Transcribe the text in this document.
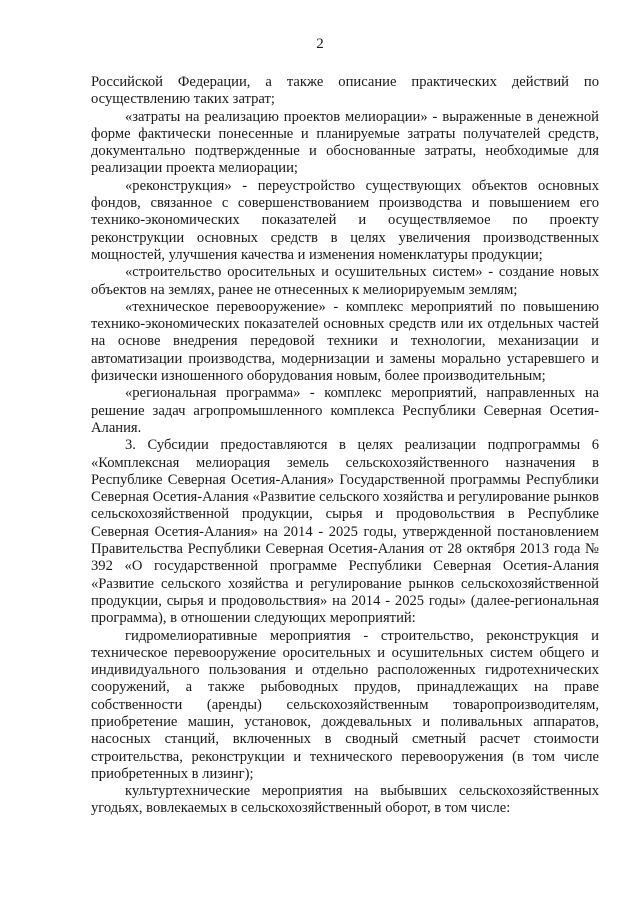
2

Российской Федерации, а также описание практических действий по осуществлению таких затрат;

«затраты на реализацию проектов мелиорации» - выраженные в денежной форме фактически понесенные и планируемые затраты получателей средств, документально подтвержденные и обоснованные затраты, необходимые для реализации проекта мелиорации;

«реконструкция» - переустройство существующих объектов основных фондов, связанное с совершенствованием производства и повышением его технико-экономических показателей и осуществляемое по проекту реконструкции основных средств в целях увеличения производственных мощностей, улучшения качества и изменения номенклатуры продукции;

«строительство оросительных и осушительных систем» - создание новых объектов на землях, ранее не отнесенных к мелиорируемым землям;

«техническое перевооружение» - комплекс мероприятий по повышению технико-экономических показателей основных средств или их отдельных частей на основе внедрения передовой техники и технологии, механизации и автоматизации производства, модернизации и замены морально устаревшего и физически изношенного оборудования новым, более производительным;

«региональная программа» - комплекс мероприятий, направленных на решение задач агропромышленного комплекса Республики Северная Осетия-Алания.

3. Субсидии предоставляются в целях реализации подпрограммы 6 «Комплексная мелиорация земель сельскохозяйственного назначения в Республике Северная Осетия-Алания» Государственной программы Республики Северная Осетия-Алания «Развитие сельского хозяйства и регулирование рынков сельскохозяйственной продукции, сырья и продовольствия в Республике Северная Осетия-Алания» на 2014 - 2025 годы, утвержденной постановлением Правительства Республики Северная Осетия-Алания от 28 октября 2013 года № 392 «О государственной программе Республики Северная Осетия-Алания «Развитие сельского хозяйства и регулирование рынков сельскохозяйственной продукции, сырья и продовольствия» на 2014 - 2025 годы» (далее-региональная программа), в отношении следующих мероприятий:

гидромелиоративные мероприятия - строительство, реконструкция и техническое перевооружение оросительных и осушительных систем общего и индивидуального пользования и отдельно расположенных гидротехнических сооружений, а также рыбоводных прудов, принадлежащих на праве собственности (аренды) сельскохозяйственным товаропроизводителям, приобретение машин, установок, дождевальных и поливальных аппаратов, насосных станций, включенных в сводный сметный расчет стоимости строительства, реконструкции и технического перевооружения (в том числе приобретенных в лизинг);

культуртехнические мероприятия на выбывших сельскохозяйственных угодьях, вовлекаемых в сельскохозяйственный оборот, в том числе:
